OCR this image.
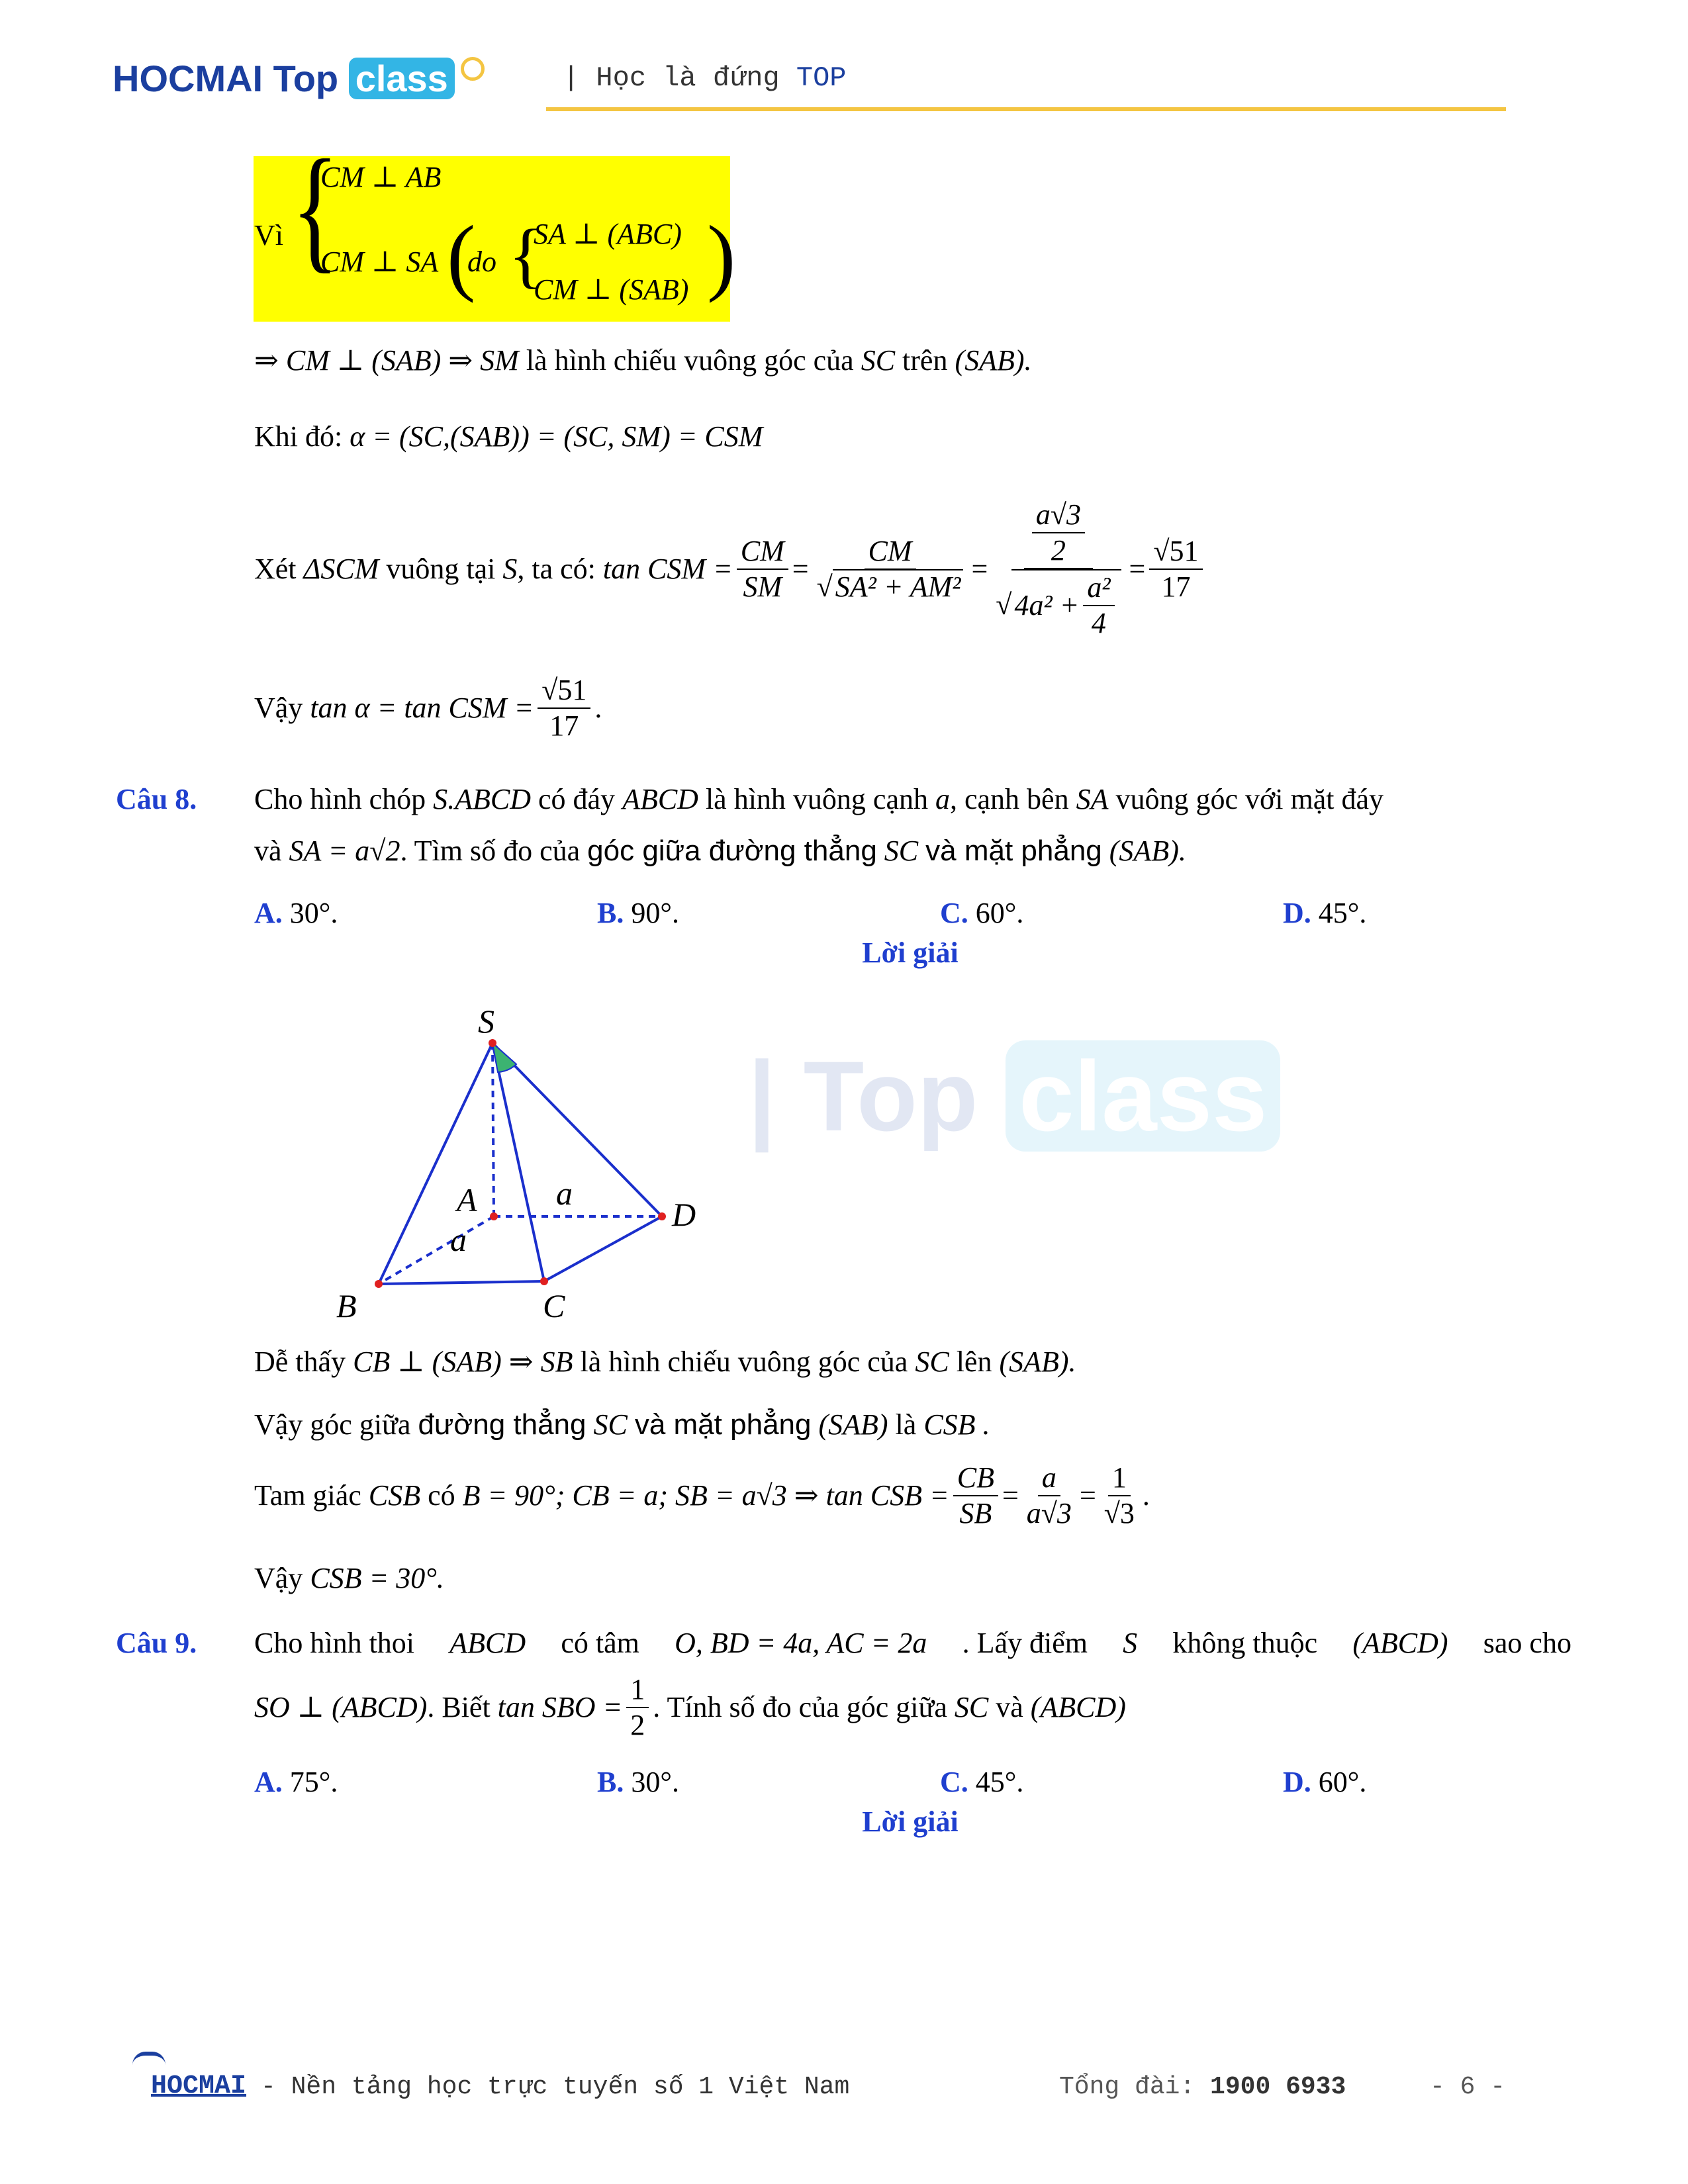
HOCMAI Top class	| Học là đứng TOP
Vì {
CM ⊥ AB
CM ⊥ SA (
do {
SA ⊥ (ABC)
CM ⊥ (SAB) )
⇒ CM ⊥ (SAB) ⇒ SM là hình chiếu vuông góc của SC trên (SAB).
Khi đó: α = (SC,(SAB)) = (SC, SM) = CSM
Xét
ΔSCM
vuông tại
S , ta có:
tan CSM = $\frac{CM}{SM} = \frac{CM}{\text{√SA² + AM²}} = \frac{\frac{a√3}{2}}{√ 4a^2 + \frac{\text{a²}}{4}} = \frac{√51}{17}$
Vậy
tan α = tan CSM = $\frac{√51}{17}$ .
Câu 8. Cho hình chóp S.ABCD có đáy ABCD là hình vuông cạnh a, cạnh bên SA vuông góc với mặt đáy
và SA = a√2. Tìm số đo của góc giữa đường thẳng SC và mặt phẳng (SAB).
A. 30°.	B. 90°.	C. 60°.	D. 45°.
Lời giải
| Top class
S
A
B	C
D
a
a
Dễ thấy CB ⊥ (SAB) ⇒ SB là hình chiếu vuông góc của SC lên (SAB).
Vậy góc giữa đường thẳng SC và mặt phẳng (SAB) là CSB .
Tam giác
CSB
có
B = 90°; CB = a; SB = a√3 ⇒ tan CSB = $\frac{CB}{SB} = \frac{a}{a√3} = \frac{1}{√3}$ .
Vậy CSB = 30°.
Câu 9. Cho hình thoi ABCD có tâm O, BD = 4a, AC = 2a . Lấy điểm S không thuộc (ABCD) sao cho
SO ⊥ (ABCD) . Biết
tan SBO = $\frac{1}{2}$ . Tính số đo của góc giữa
SC
và
(ABCD)
A. 75°.	B. 30°.	C. 45°.	D. 60°.
Lời giải
HOCMAI - Nền tảng học trực tuyến số 1 Việt Nam	Tổng đài: 1900 6933	- 6 -
